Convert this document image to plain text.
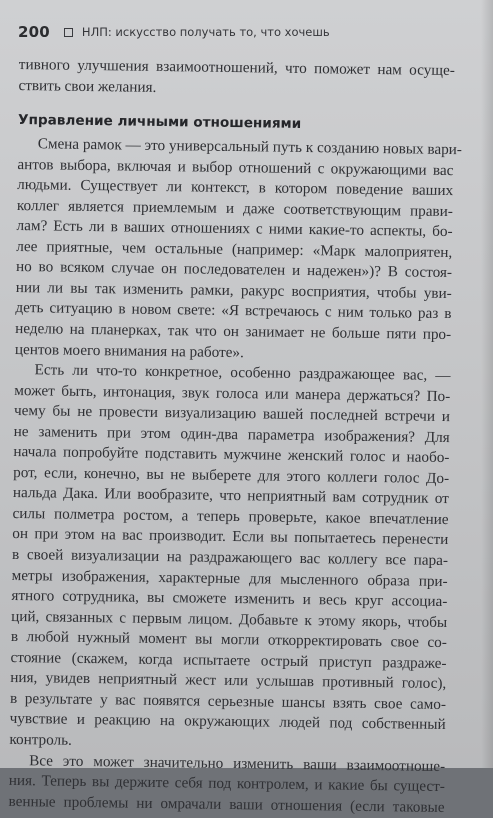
200	НЛП: искусство получать то, что хочешь
тивного улучшения взаимоотношений, что поможет нам осуще-
ствить свои желания.
Управление личными отношениями
Смена рамок — это универсальный путь к созданию новых вари-
антов выбора, включая и выбор отношений с окружающими вас
людьми. Существует ли контекст, в котором поведение ваших
коллег является приемлемым и даже соответствующим прави-
лам? Есть ли в ваших отношениях с ними какие-то аспекты, бо-
лее приятные, чем остальные (например: «Марк малоприятен,
но во всяком случае он последователен и надежен»)? В состоя-
нии ли вы так изменить рамки, ракурс восприятия, чтобы уви-
деть ситуацию в новом свете: «Я встречаюсь с ним только раз в
неделю на планерках, так что он занимает не больше пяти про-
центов моего внимания на работе».
Есть ли что-то конкретное, особенно раздражающее вас, —
может быть, интонация, звук голоса или манера держаться? По-
чему бы не провести визуализацию вашей последней встречи и
не заменить при этом один-два параметра изображения? Для
начала попробуйте подставить мужчине женский голос и наобо-
рот, если, конечно, вы не выберете для этого коллеги голос До-
нальда Дака. Или вообразите, что неприятный вам сотрудник от
силы полметра ростом, а теперь проверьте, какое впечатление
он при этом на вас производит. Если вы попытаетесь перенести
в своей визуализации на раздражающего вас коллегу все пара-
метры изображения, характерные для мысленного образа при-
ятного сотрудника, вы сможете изменить и весь круг ассоциа-
ций, связанных с первым лицом. Добавьте к этому якорь, чтобы
в любой нужный момент вы могли откорректировать свое со-
стояние (скажем, когда испытаете острый приступ раздраже-
ния, увидев неприятный жест или услышав противный голос),
в результате у вас появятся серьезные шансы взять свое само-
чувствие и реакцию на окружающих людей под собственный
контроль.
Все это может значительно изменить ваши взаимоотноше-
ния. Теперь вы держите себя под контролем, и какие бы сущест-
венные проблемы ни омрачали ваши отношения (если таковые
